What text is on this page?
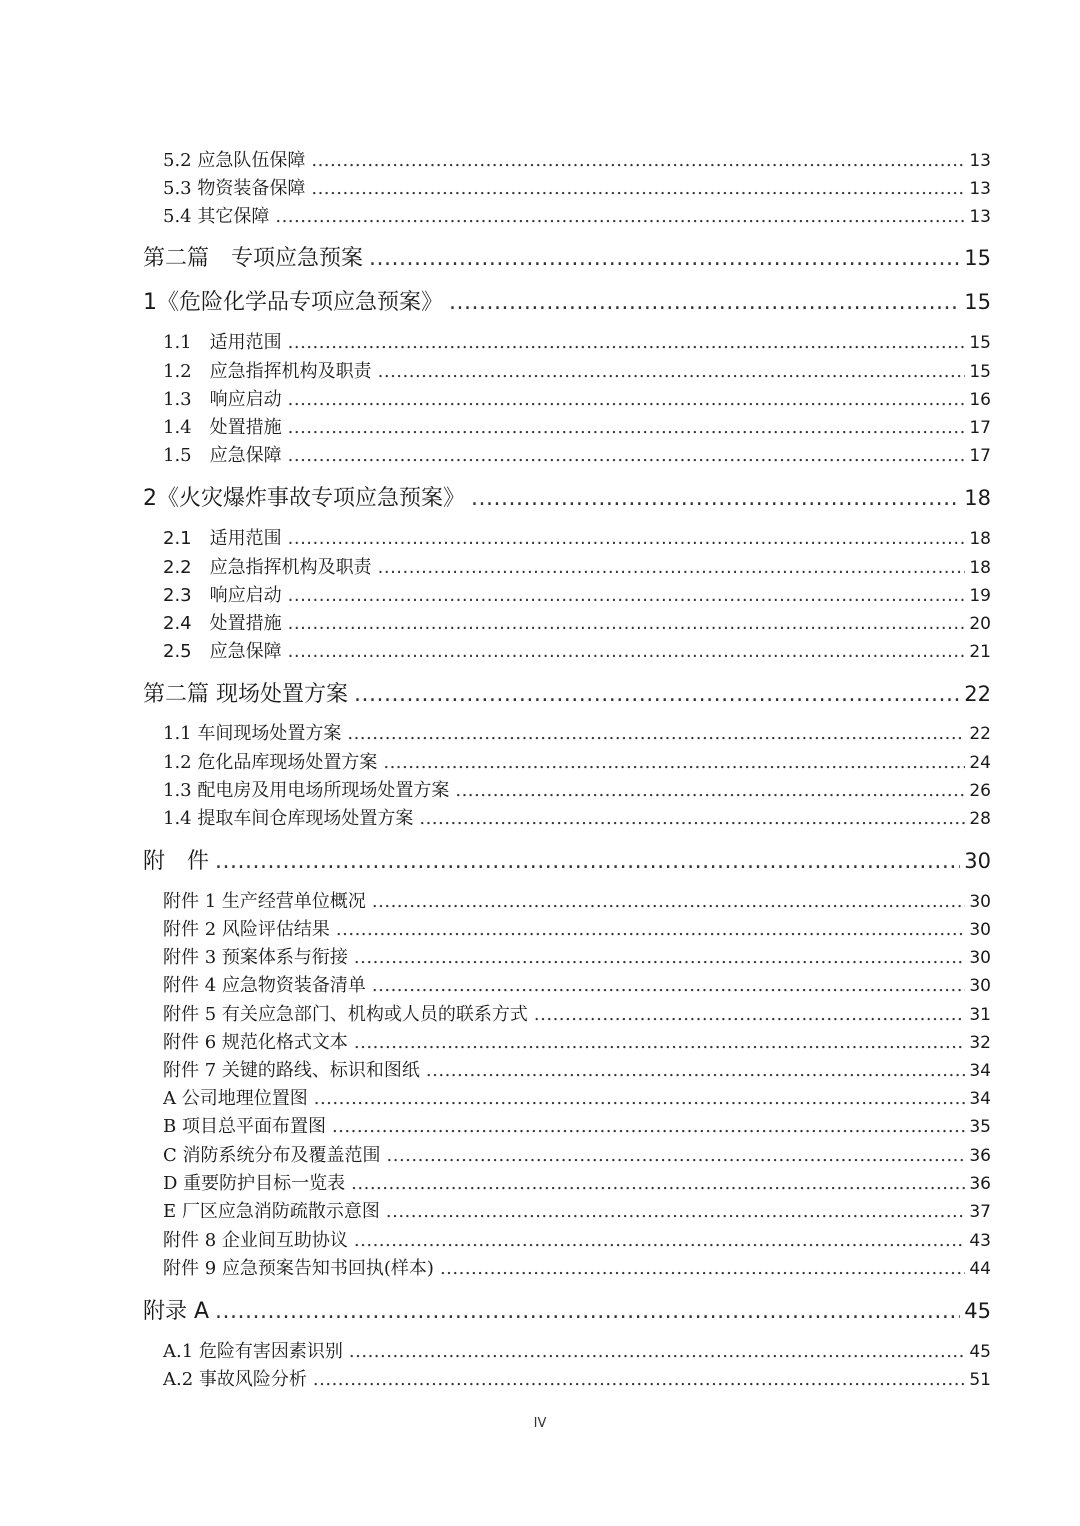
5.2 应急队伍保障 .....	13
5.3 物资装备保障 .....	13
5.4 其它保障 .....	13
第二篇　专项应急预案 .....	15
1《危险化学品专项应急预案》 .....	15
1.1　适用范围 .....	15
1.2　应急指挥机构及职责 .....	15
1.3　响应启动 .....	16
1.4　处置措施 .....	17
1.5　应急保障 .....	17
2《火灾爆炸事故专项应急预案》 .....	18
2.1　适用范围 .....	18
2.2　应急指挥机构及职责 .....	18
2.3　响应启动 .....	19
2.4　处置措施 .....	20
2.5　应急保障 .....	21
第二篇 现场处置方案 .....	22
1.1 车间现场处置方案 .....	22
1.2 危化品库现场处置方案 .....	24
1.3 配电房及用电场所现场处置方案 .....	26
1.4 提取车间仓库现场处置方案 .....	28
附　件 .....	30
附件 1 生产经营单位概况 .....	30
附件 2 风险评估结果 .....	30
附件 3 预案体系与衔接 .....	30
附件 4 应急物资装备清单 .....	30
附件 5 有关应急部门、机构或人员的联系方式 .....	31
附件 6 规范化格式文本 .....	32
附件 7 关键的路线、标识和图纸 .....	34
A 公司地理位置图 .....	34
B 项目总平面布置图 .....	35
C 消防系统分布及覆盖范围 .....	36
D 重要防护目标一览表 .....	36
E 厂区应急消防疏散示意图 .....	37
附件 8 企业间互助协议 .....	43
附件 9 应急预案告知书回执(样本) .....	44
附录 A .....	45
A.1 危险有害因素识别 .....	45
A.2 事故风险分析 .....	51
IV
